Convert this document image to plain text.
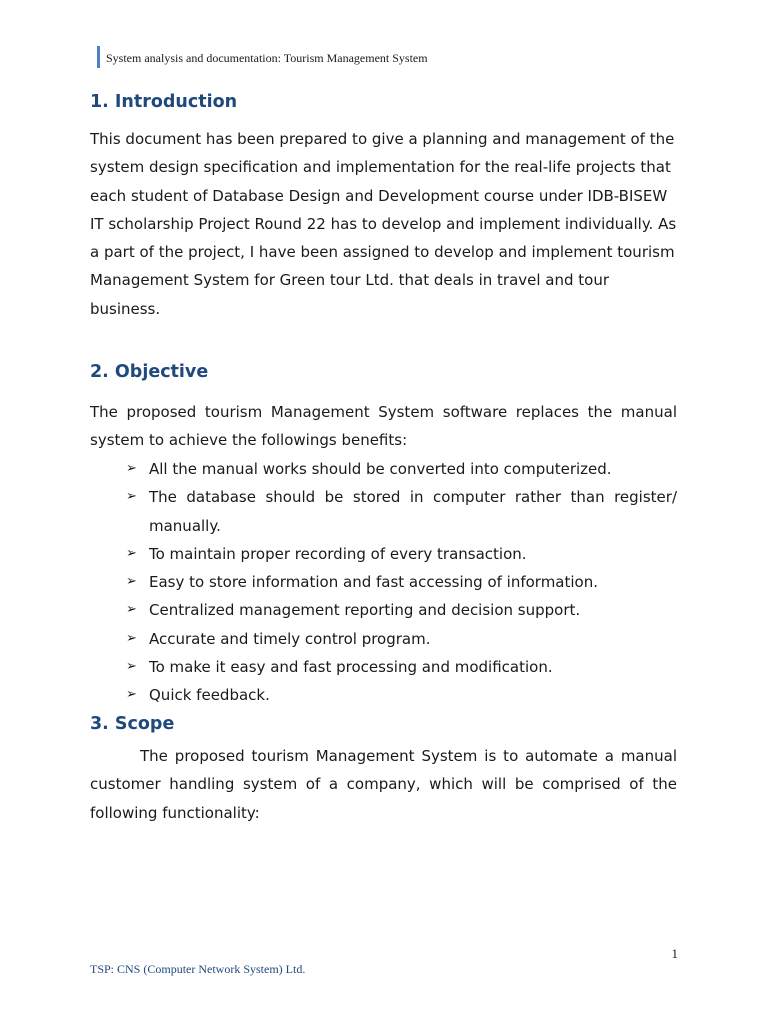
System analysis and documentation: Tourism Management System
1. Introduction

This document has been prepared to give a planning and management of the system design specification and implementation for the real-life projects that each student of Database Design and Development course under IDB-BISEW IT scholarship Project Round 22 has to develop and implement individually. As a part of the project, I have been assigned to develop and implement tourism Management System for Green tour Ltd. that deals in travel and tour business.

2. Objective

The proposed tourism Management System software replaces the manual system to achieve the followings benefits:

➢ All the manual works should be converted into computerized.
➢ The database should be stored in computer rather than register/ manually.
➢ To maintain proper recording of every transaction.
➢ Easy to store information and fast accessing of information.
➢ Centralized management reporting and decision support.
➢ Accurate and timely control program.
➢ To make it easy and fast processing and modification.
➢ Quick feedback.
3. Scope

The proposed tourism Management System is to automate a manual customer handling system of a company, which will be comprised of the following functionality:

1
TSP: CNS (Computer Network System) Ltd.
